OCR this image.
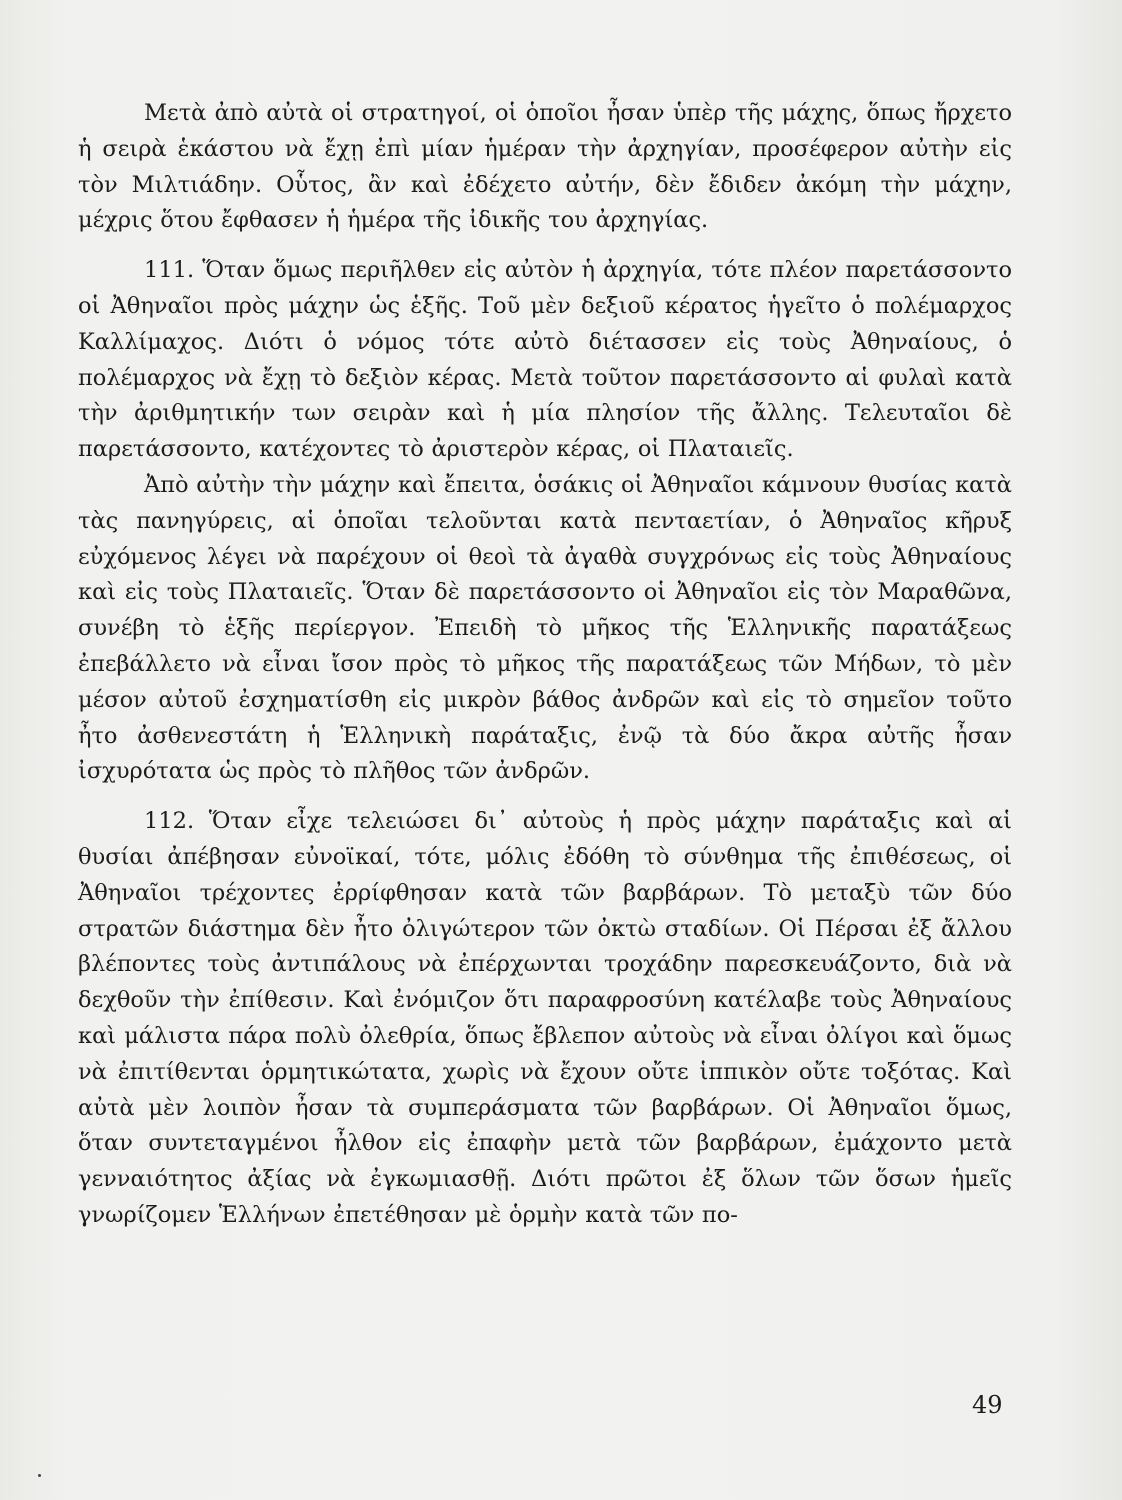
Μετὰ ἀπὸ αὐτὰ οἱ στρατηγοί, οἱ ὁποῖοι ἦσαν ὑπὲρ τῆς μάχης, ὅπως ἤρχετο ἡ σειρὰ ἑκάστου νὰ ἔχῃ ἐπὶ μίαν ἡμέραν τὴν ἀρχηγίαν, προσέφερον αὐτὴν εἰς τὸν Μιλτιάδην. Οὗτος, ἂν καὶ ἐδέχετο αὐτήν, δὲν ἔδιδεν ἀκόμη τὴν μάχην, μέχρις ὅτου ἔφθασεν ἡ ἡμέρα τῆς ἰδικῆς του ἀρχηγίας.

111. Ὅταν ὅμως περιῆλθεν εἰς αὐτὸν ἡ ἀρχηγία, τότε πλέον παρετάσσοντο οἱ Ἀθηναῖοι πρὸς μάχην ὡς ἑξῆς. Τοῦ μὲν δεξιοῦ κέρατος ἡγεῖτο ὁ πολέμαρχος Καλλίμαχος. Διότι ὁ νόμος τότε αὐτὸ διέτασσεν εἰς τοὺς Ἀθηναίους, ὁ πολέμαρχος νὰ ἔχῃ τὸ δεξιὸν κέρας. Μετὰ τοῦτον παρετάσσοντο αἱ φυλαὶ κατὰ τὴν ἀριθμητικήν των σειρὰν καὶ ἡ μία πλησίον τῆς ἄλλης. Τελευταῖοι δὲ παρετάσσοντο, κατέχοντες τὸ ἀριστερὸν κέρας, οἱ Πλαταιεῖς.

Ἀπὸ αὐτὴν τὴν μάχην καὶ ἔπειτα, ὁσάκις οἱ Ἀθηναῖοι κάμνουν θυσίας κατὰ τὰς πανηγύρεις, αἱ ὁποῖαι τελοῦνται κατὰ πενταετίαν, ὁ Ἀθηναῖος κῆρυξ εὐχόμενος λέγει νὰ παρέχουν οἱ θεοὶ τὰ ἀγαθὰ συγχρόνως εἰς τοὺς Ἀθηναίους καὶ εἰς τοὺς Πλαταιεῖς. Ὅταν δὲ παρετάσσοντο οἱ Ἀθηναῖοι εἰς τὸν Μαραθῶνα, συνέβη τὸ ἑξῆς περίεργον. Ἐπειδὴ τὸ μῆκος τῆς Ἑλληνικῆς παρατάξεως ἐπεβάλλετο νὰ εἶναι ἴσον πρὸς τὸ μῆκος τῆς παρατάξεως τῶν Μήδων, τὸ μὲν μέσον αὐτοῦ ἐσχηματίσθη εἰς μικρὸν βάθος ἀνδρῶν καὶ εἰς τὸ σημεῖον τοῦτο ἦτο ἀσθενεστάτη ἡ Ἑλληνικὴ παράταξις, ἐνῷ τὰ δύο ἄκρα αὐτῆς ἦσαν ἰσχυρότατα ὡς πρὸς τὸ πλῆθος τῶν ἀνδρῶν.

112. Ὅταν εἶχε τελειώσει δι᾽ αὐτοὺς ἡ πρὸς μάχην παράταξις καὶ αἱ θυσίαι ἀπέβησαν εὐνοϊκαί, τότε, μόλις ἐδόθη τὸ σύνθημα τῆς ἐπιθέσεως, οἱ Ἀθηναῖοι τρέχοντες ἐρρίφθησαν κατὰ τῶν βαρβάρων. Τὸ μεταξὺ τῶν δύο στρατῶν διάστημα δὲν ἦτο ὀλιγώτερον τῶν ὀκτὼ σταδίων. Οἱ Πέρσαι ἐξ ἄλλου βλέποντες τοὺς ἀντιπάλους νὰ ἐπέρχωνται τροχάδην παρεσκευάζοντο, διὰ νὰ δεχθοῦν τὴν ἐπίθεσιν. Καὶ ἐνόμιζον ὅτι παραφροσύνη κατέλαβε τοὺς Ἀθηναίους καὶ μάλιστα πάρα πολὺ ὀλεθρία, ὅπως ἔβλεπον αὐτοὺς νὰ εἶναι ὀλίγοι καὶ ὅμως νὰ ἐπιτίθενται ὁρμητικώτατα, χωρὶς νὰ ἔχουν οὔτε ἱππικὸν οὔτε τοξότας. Καὶ αὐτὰ μὲν λοιπὸν ἦσαν τὰ συμπεράσματα τῶν βαρβάρων. Οἱ Ἀθηναῖοι ὅμως, ὅταν συντεταγμένοι ἦλθον εἰς ἐπαφὴν μετὰ τῶν βαρβάρων, ἐμάχοντο μετὰ γενναιότητος ἀξίας νὰ ἐγκωμιασθῇ. Διότι πρῶτοι ἐξ ὅλων τῶν ὅσων ἡμεῖς γνωρίζομεν Ἑλλήνων ἐπετέθησαν μὲ ὁρμὴν κατὰ τῶν πο-

49
